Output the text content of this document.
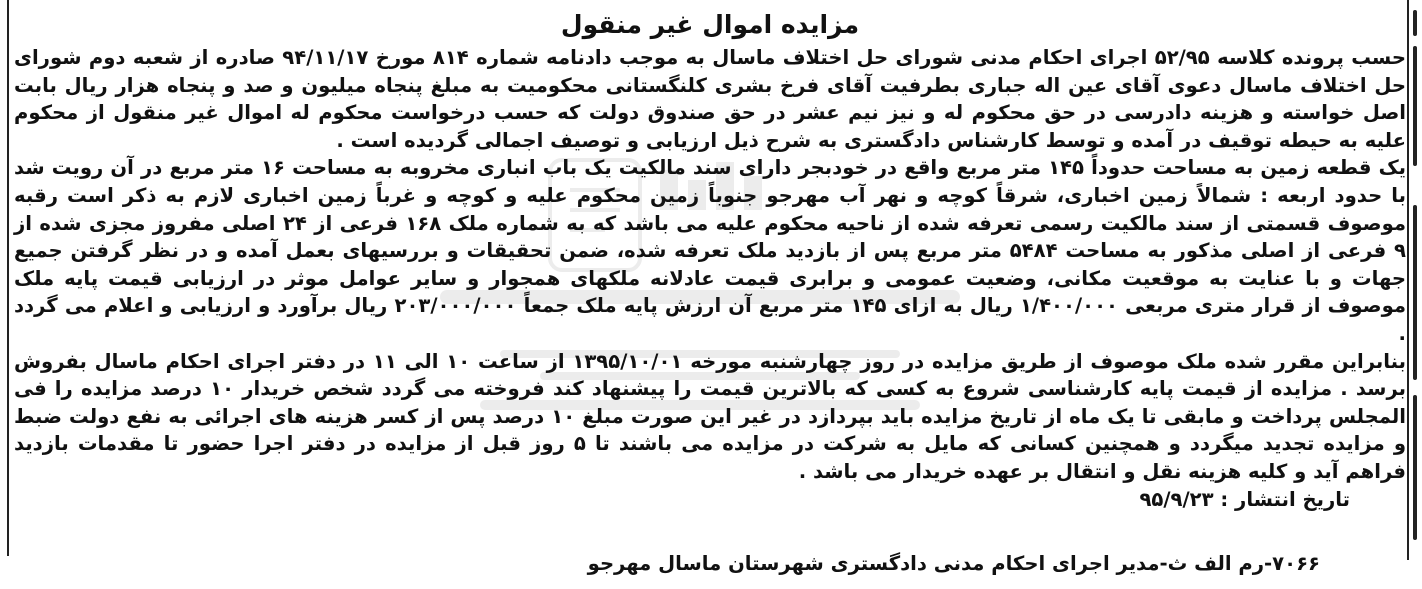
مزایده اموال غیر منقول

حسب پرونده کلاسه ۵۲/۹۵ اجرای احکام مدنی شورای حل اختلاف ماسال به موجب دادنامه شماره ۸۱۴ مورخ ۹۴/۱۱/۱۷ صادره از شعبه دوم شورای حل اختلاف ماسال دعوی آقای عین اله جباری بطرفیت آقای فرخ بشری کلنگستانی محکومیت به مبلغ پنجاه میلیون و صد و پنجاه هزار ریال بابت اصل خواسته و هزینه دادرسی در حق محکوم له و نیز نیم عشر در حق صندوق دولت که حسب درخواست محکوم له اموال غیر منقول از محکوم علیه به حیطه توقیف در آمده و توسط کارشناس دادگستری به شرح ذیل ارزیابی و توصیف اجمالی گردیده است .

یک قطعه زمین به مساحت حدوداً ۱۴۵ متر مربع واقع در خودبجر دارای سند مالکیت یک باب انباری مخروبه به مساحت ۱۶ متر مربع در آن رویت شد با حدود اربعه : شمالاً زمین اخباری، شرقاً کوچه و نهر آب مهرجو جنوباً زمین محکوم علیه و کوچه و غرباً زمین اخباری لازم به ذکر است رقبه موصوف قسمتی از سند مالکیت رسمی تعرفه شده از ناحیه محکوم علیه می باشد که به شماره ملک ۱۶۸ فرعی از ۲۴ اصلی مفروز مجزی شده از ۹ فرعی از اصلی مذکور به مساحت ۵۴۸۴ متر مربع پس از بازدید ملک تعرفه شده، ضمن تحقیقات و بررسیهای بعمل آمده و در نظر گرفتن جمیع جهات و با عنایت به موقعیت مکانی، وضعیت عمومی و برابری قیمت عادلانه ملکهای همجوار و سایر عوامل موثر در ارزیابی قیمت پایه ملک موصوف از قرار متری مربعی ۱/۴۰۰/۰۰۰ ریال به ازای ۱۴۵ متر مربع آن ارزش پایه ملک جمعاً ۲۰۳/۰۰۰/۰۰۰ ریال برآورد و ارزیابی و اعلام می گردد .

بنابراین مقرر شده ملک موصوف از طریق مزایده در روز چهارشنبه مورخه ۱۳۹۵/۱۰/۰۱ از ساعت ۱۰ الی ۱۱ در دفتر اجرای احکام ماسال بفروش برسد . مزایده از قیمت پایه کارشناسی شروع به کسی که بالاترین قیمت را پیشنهاد کند فروخته می گردد شخص خریدار ۱۰ درصد مزایده را فی المجلس پرداخت و مابقی تا یک ماه از تاریخ مزایده باید بپردازد در غیر این صورت مبلغ ۱۰ درصد پس از کسر هزینه های اجرائی به نفع دولت ضبط و مزایده تجدید میگردد و همچنین کسانی که مایل به شرکت در مزایده می باشند تا ۵ روز قبل از مزایده در دفتر اجرا حضور تا مقدمات بازدید فراهم آید و کلیه هزینه نقل و انتقال بر عهده خریدار می باشد .

تاریخ انتشار : ۹۵/۹/۲۳

۷۰۶۶-رم الف ث-مدیر اجرای احکام مدنی دادگستری شهرستان ماسال مهرجو
